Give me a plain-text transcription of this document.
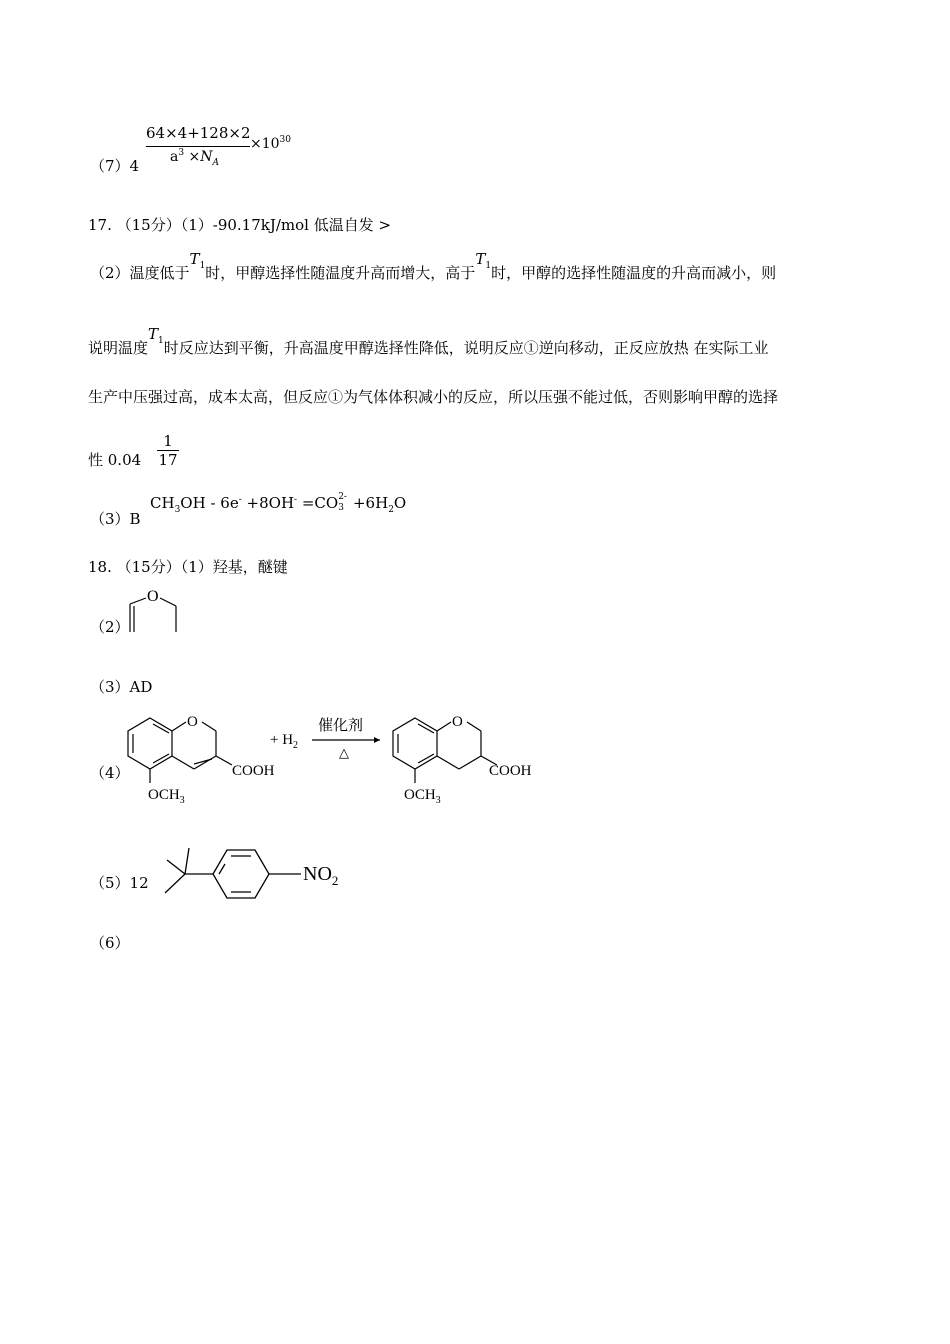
（7）4
64×4+128×2
$a^3 \times N_A$
$\times 10^{30}$
17. （15分）（1）-90.17kJ/mol 低温自发 >
（2）温度低于$T_1$时，甲醇选择性随温度升高而增大，高于$T_1$时，甲醇的选择性随温度的升高而减小，则
说明温度$T_1$时反应达到平衡，升高温度甲醇选择性降低，说明反应①逆向移动，正反应放热 在实际工业
生产中压强过高，成本太高，但反应①为气体体积减小的反应，所以压强不能过低，否则影响甲醇的选择
性 0.04
1
17
（3）B
$CH_3OH - 6e^- +8OH^- =CO$ 2-
$3 +6H_2O$
18. （15分）（1）羟基，醚键
（2）
O
（3）AD
（4）
O
COOH
$OCH_3$
+ $H_2$
催化剂
△
O
COOH
$OCH_3$
（5）12	$NO_2$
（6）
